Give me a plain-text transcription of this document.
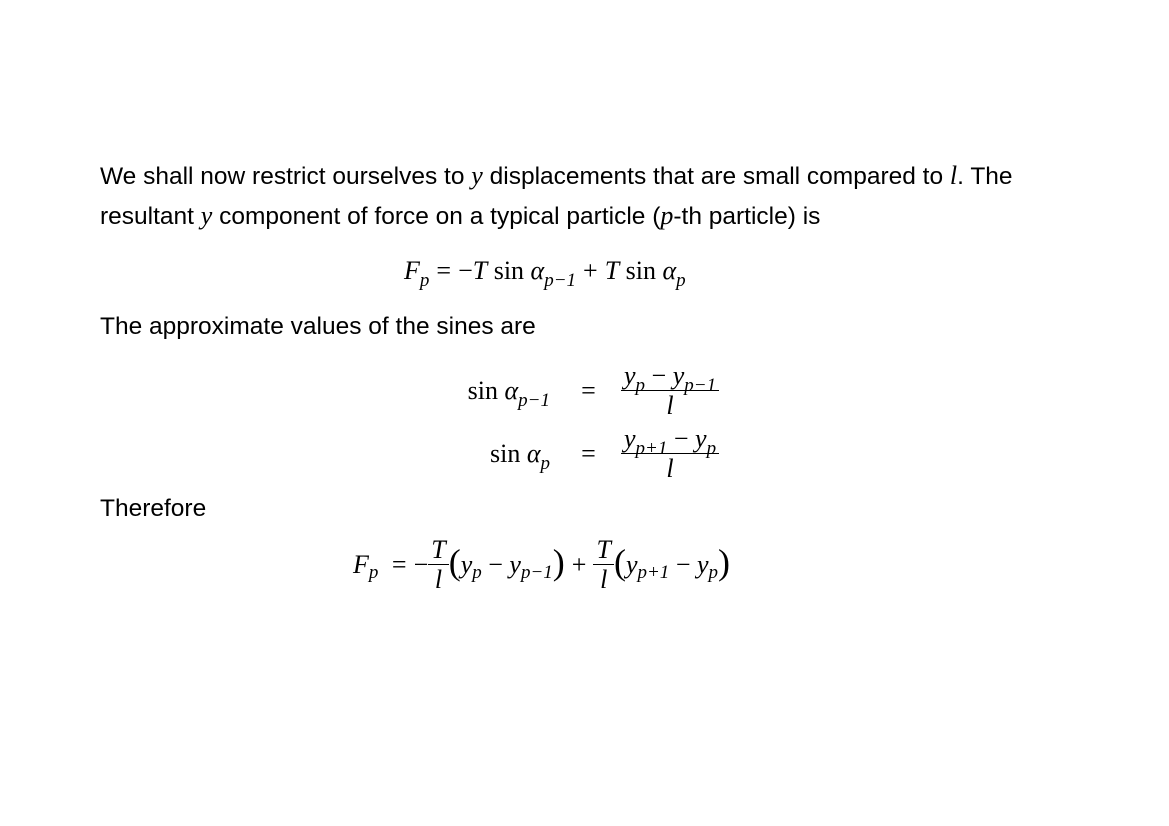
We shall now restrict ourselves to y displacements that are small compared to l. The
resultant y component of force on a typical particle (p-th particle) is

$F_p = -T$ $\sin \alpha_{p-1} + T$ $\sin \alpha_p$

The approximate values of the sines are

$\sin \alpha_{p-1} = \frac{y_p - y_{p-1}}{l}$
$\sin \alpha_p = \frac{y_{p+1} - y_p}{l}$

Therefore

$F_p$ = − $\frac{T}{l} (y_p - y_{p-1}) + \frac{T}{l} (y_{p+1} - y_p)$
